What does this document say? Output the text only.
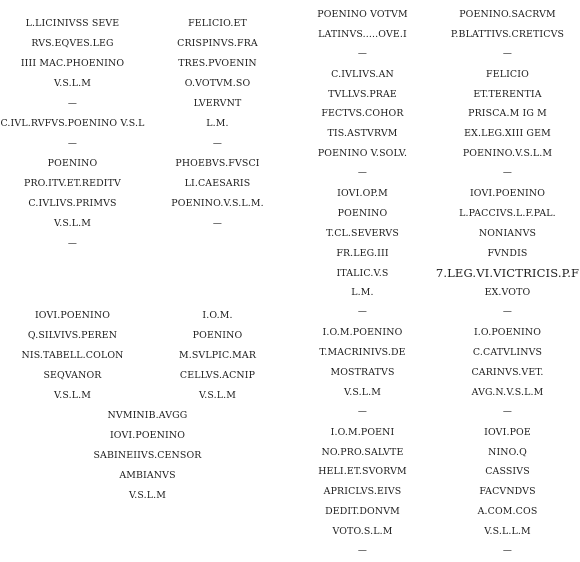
L.LICINIVSS SEVE
RVS.EQVES.LEG
IIII MAC.PHOENINO
V.S.L.M
—
C.IVL.RVFVS.POENINO V.S.L
—
POENINO
PRO.ITV.ET.REDITV
C.IVLIVS.PRIMVS
V.S.L.M
—
FELICIO.ET
CRISPINVS.FRA
TRES.PVOENIN
O.VOTVM.SO
LVERVNT
L.M.
—
PHOEBVS.FVSCI
LI.CAESARIS
POENINO.V.S.L.M.
—
POENINO VOTVM
LATINVS.....OVE.I
—
C.IVLIVS.AN
TVLLVS.PRAE
FECTVS.COHOR
TIS.ASTVRVM
POENINO V.SOLV.
—
IOVI.OP.M
POENINO
T.CL.SEVERVS
FR.LEG.III
ITALIC.V.S
L.M.
—
I.O.M.POENINO
T.MACRINIVS.DE
MOSTRATVS
V.S.L.M
—
I.O.M.POENI
NO.PRO.SALVTE
HELI.ET.SVORVM
APRICLVS.EIVS
DEDIT.DONVM
VOTO.S.L.M
—
POENINO.SACRVM
P.BLATTIVS.CRETICVS
—
FELICIO
ET.TERENTIA
PRISCA.M IG M
EX.LEG.XIII GEM
POENINO.V.S.L.M
—
IOVI.POENINO
L.PACCIVS.L.F.PAL.
NONIANVS
FVNDIS
7.LEG.VI.VICTRICIS.P.F
EX.VOTO
—
I.O.POENINO
C.CATVLINVS
CARINVS.VET.
AVG.N.V.S.L.M
—
IOVI.POE
NINO.Q
CASSIVS
FACVNDVS
A.COM.COS
V.S.L.L.M
—
IOVI.POENINO
Q.SILVIVS.PEREN
NIS.TABELL.COLON
SEQVANOR
V.S.L.M
I.O.M.
POENINO
M.SVLPIC.MAR
CELLVS.ACNIP
V.S.L.M
NVMINIB.AVGG
IOVI.POENINO
SABINEIIVS.CENSOR
AMBIANVS
V.S.L.M
